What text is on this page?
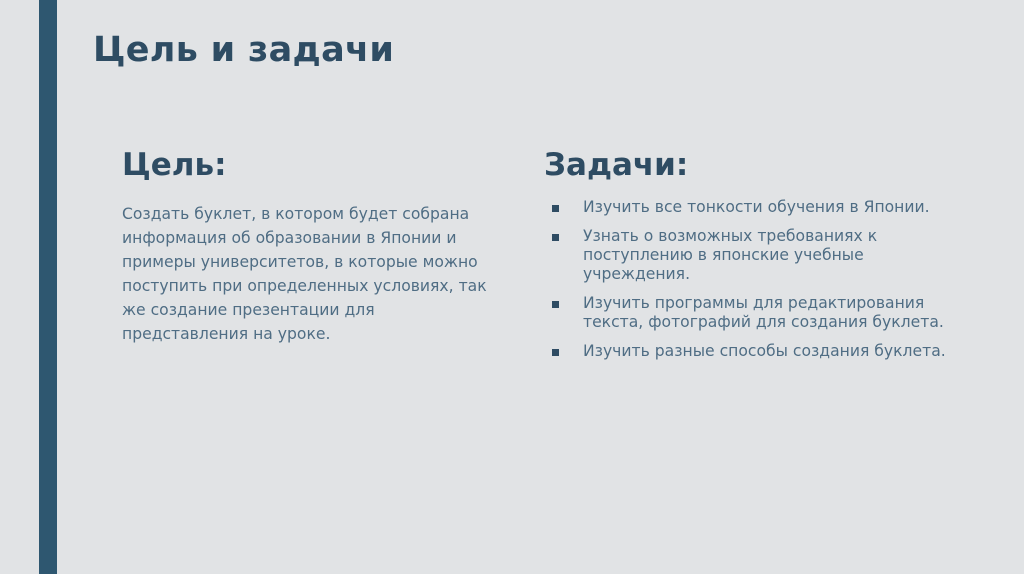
Цель и задачи
Цель:

Создать буклет, в котором будет собрана информация об образовании в Японии и примеры университетов, в которые можно поступить при определенных условиях, так же создание презентации для представления на уроке.

Задачи:
Изучить все тонкости обучения в Японии.
Узнать о возможных требованиях к поступлению в японские учебные учреждения.
Изучить программы для редактирования текста, фотографий для создания буклета.
Изучить разные способы создания буклета.
